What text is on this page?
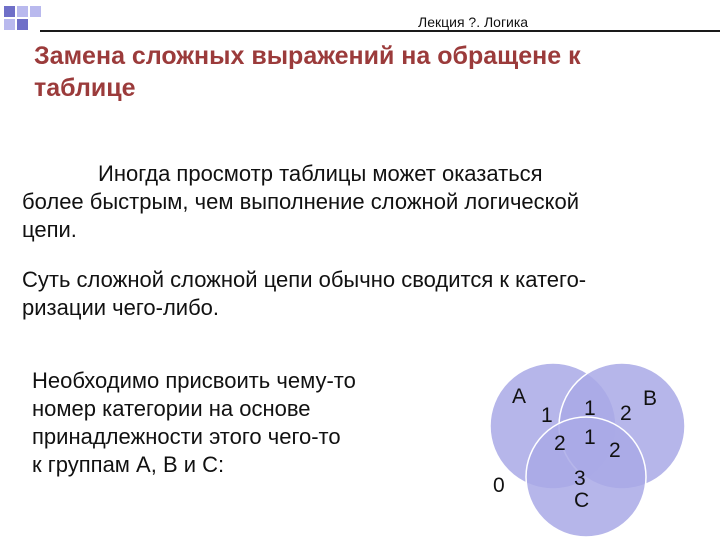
Лекция ?. Логика
Замена сложных выражений на обращене к
таблице
Иногда просмотр таблицы может оказаться
более быстрым, чем выполнение сложной логической
цепи.
Суть сложной сложной цепи обычно сводится к катего-
ризации чего-либо.
Необходимо присвоить чему-то
номер категории на основе
принадлежности этого чего-то
к группам А, В и С:
A	B
1 1
1
2
2 2
3
C
0
